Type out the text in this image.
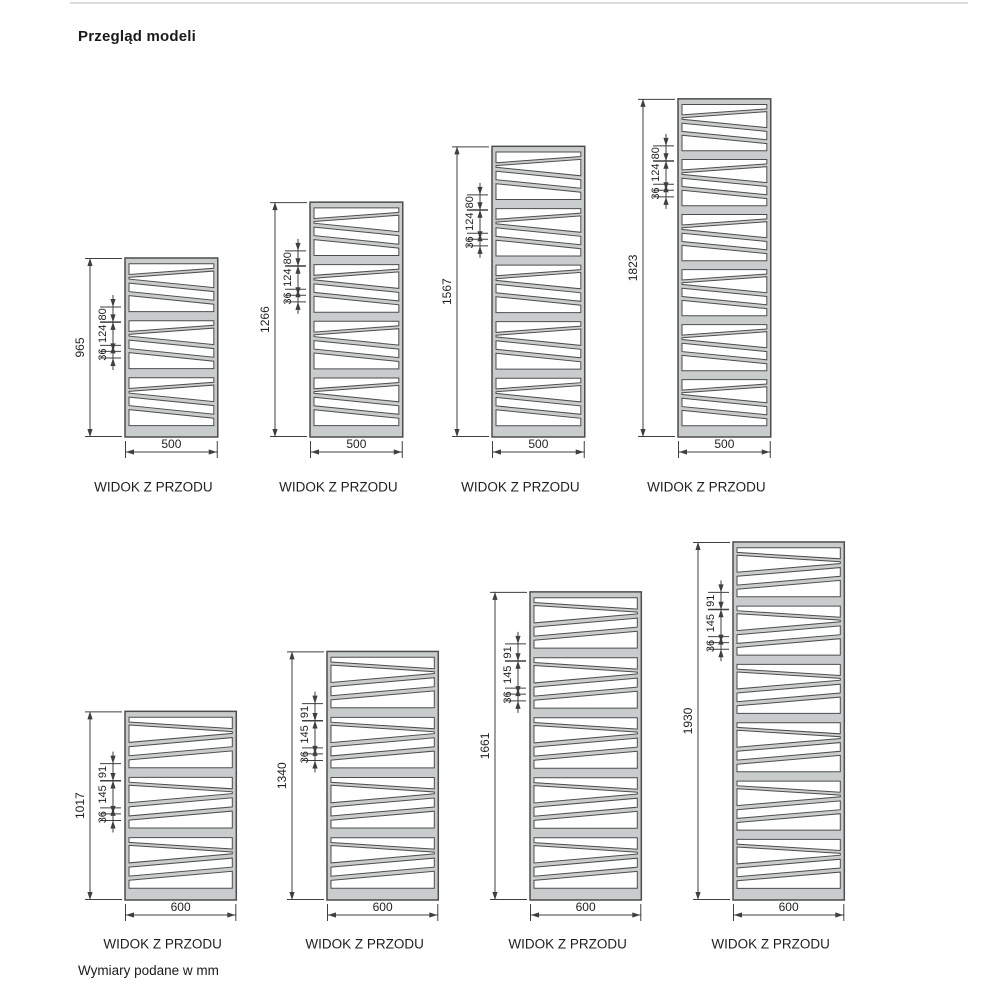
Przegląd modeli
965
80
124
36
500
WIDOK Z PRZODU
1266
80
124
36
500
WIDOK Z PRZODU
1567
80
124
36
500
WIDOK Z PRZODU
1823
80
124
36
500
WIDOK Z PRZODU
1017
91
145
36
600
WIDOK Z PRZODU
1340
91
145
36
600
WIDOK Z PRZODU
1661
91
145
36
600
WIDOK Z PRZODU
1930
91
145
36
600
WIDOK Z PRZODU
Wymiary podane w mm
